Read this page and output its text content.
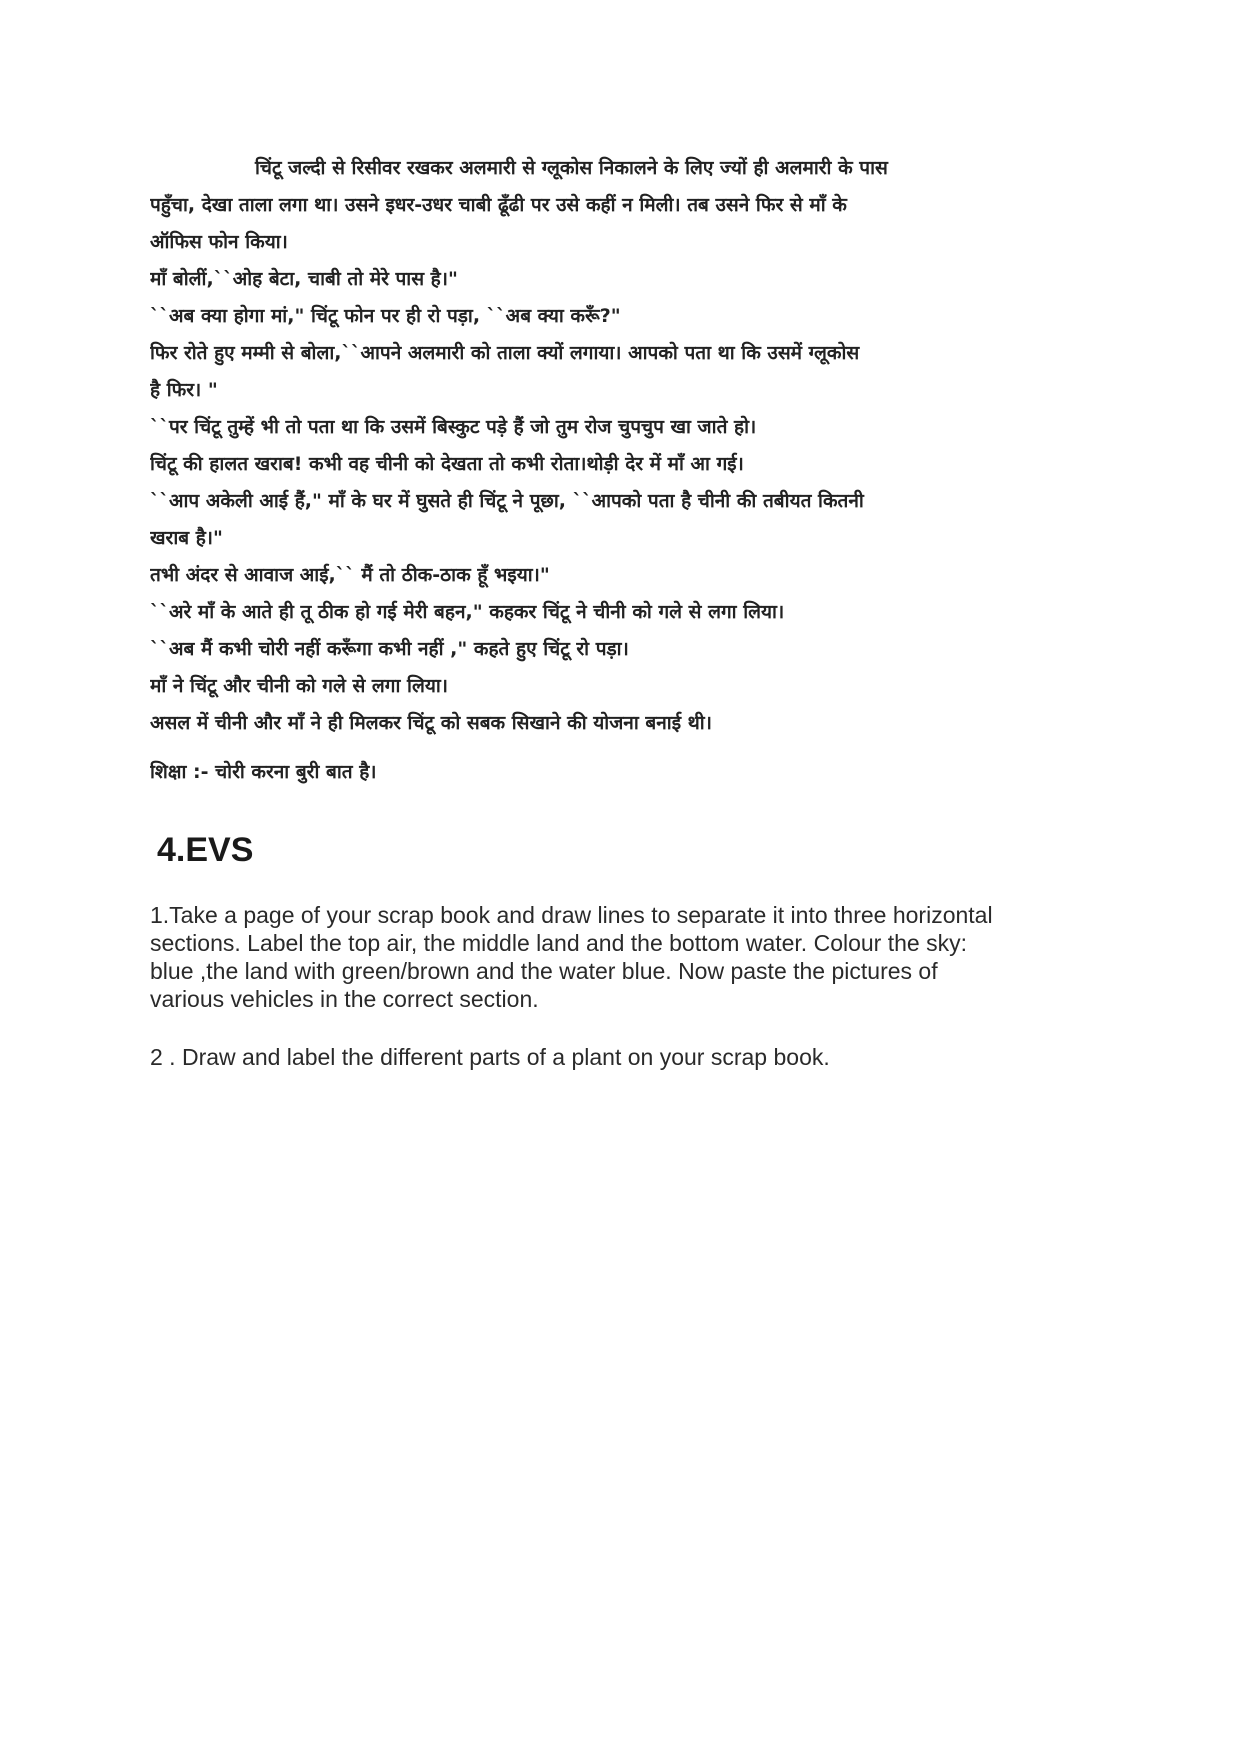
चिंटू जल्दी से रिसीवर रखकर अलमारी से ग्लूकोस निकालने के लिए ज्यों ही अलमारी के पास
पहुँचा, देखा ताला लगा था। उसने इधर-उधर चाबी ढूँढी पर उसे कहीं न मिली। तब उसने फिर से माँ के
ऑफिस फोन किया।
माँ बोलीं,``ओह बेटा, चाबी तो मेरे पास है।"
``अब क्या होगा मां," चिंटू फोन पर ही रो पड़ा, ``अब क्या करूँ?"
फिर रोते हुए मम्मी से बोला,``आपने अलमारी को ताला क्यों लगाया। आपको पता था कि उसमें ग्लूकोस
है फिर। "
``पर चिंटू तुम्हें भी तो पता था कि उसमें बिस्कुट पड़े हैं जो तुम रोज चुपचुप खा जाते हो।
चिंटू की हालत खराब! कभी वह चीनी को देखता तो कभी रोता।थोड़ी देर में माँ आ गई।
``आप अकेली आई हैं," माँ के घर में घुसते ही चिंटू ने पूछा, ``आपको पता है चीनी की तबीयत कितनी
खराब है।"
तभी अंदर से आवाज आई,`` मैं तो ठीक-ठाक हूँ भइया।"
``अरे माँ के आते ही तू ठीक हो गई मेरी बहन," कहकर चिंटू ने चीनी को गले से लगा लिया।
``अब मैं कभी चोरी नहीं करूँगा कभी नहीं ," कहते हुए चिंटू रो पड़ा।
माँ ने चिंटू और चीनी को गले से लगा लिया।
असल में चीनी और माँ ने ही मिलकर चिंटू को सबक सिखाने की योजना बनाई थी।
शिक्षा :- चोरी करना बुरी बात है।
4.EVS
1.Take a page of your scrap book and draw lines to separate it into three horizontal
sections. Label the top air, the middle land and the bottom water. Colour the sky:
blue ,the land with green/brown and the water blue. Now paste the pictures of
various vehicles in the correct section.
2 . Draw and label the different parts of a plant on your scrap book.
